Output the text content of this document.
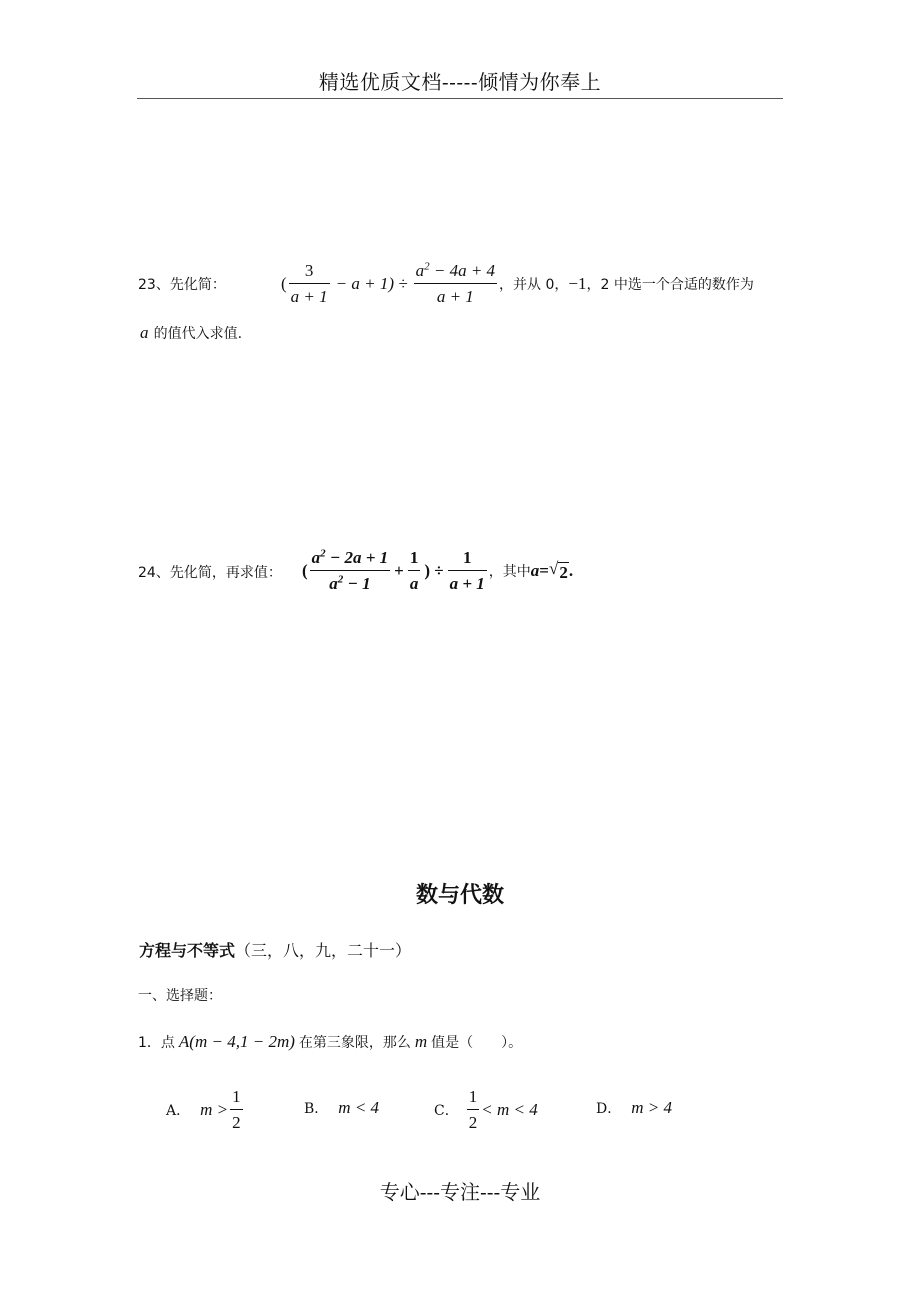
精选优质文档-----倾情为你奉上
23、先化简：	( $\frac{3}{a + 1} - a + 1) \div \frac{a^2 - 4a + 4}{a + 1}$ ，并从 0， −1 ，2 中选一个合适的数作为
a 的值代入求值.
24、先化简，再求值： ( $\frac{a^2 - 2a + 1}{a^2 - 1} + \frac{1}{a}$ ) ÷ $\frac{1}{a + 1}$ ，其中 a = √ 2 .
数与代数
方程与不等式（三，八，九，二十一）
一、选择题：
1．点 A(m − 4,1 − 2m) 在第三象限，那么 m 值是（　　）。
A． $m > \frac{1}{2}$	B． m < 4	C． $\frac{1}{2} < m < 4$	D． m > 4
专心---专注---专业
